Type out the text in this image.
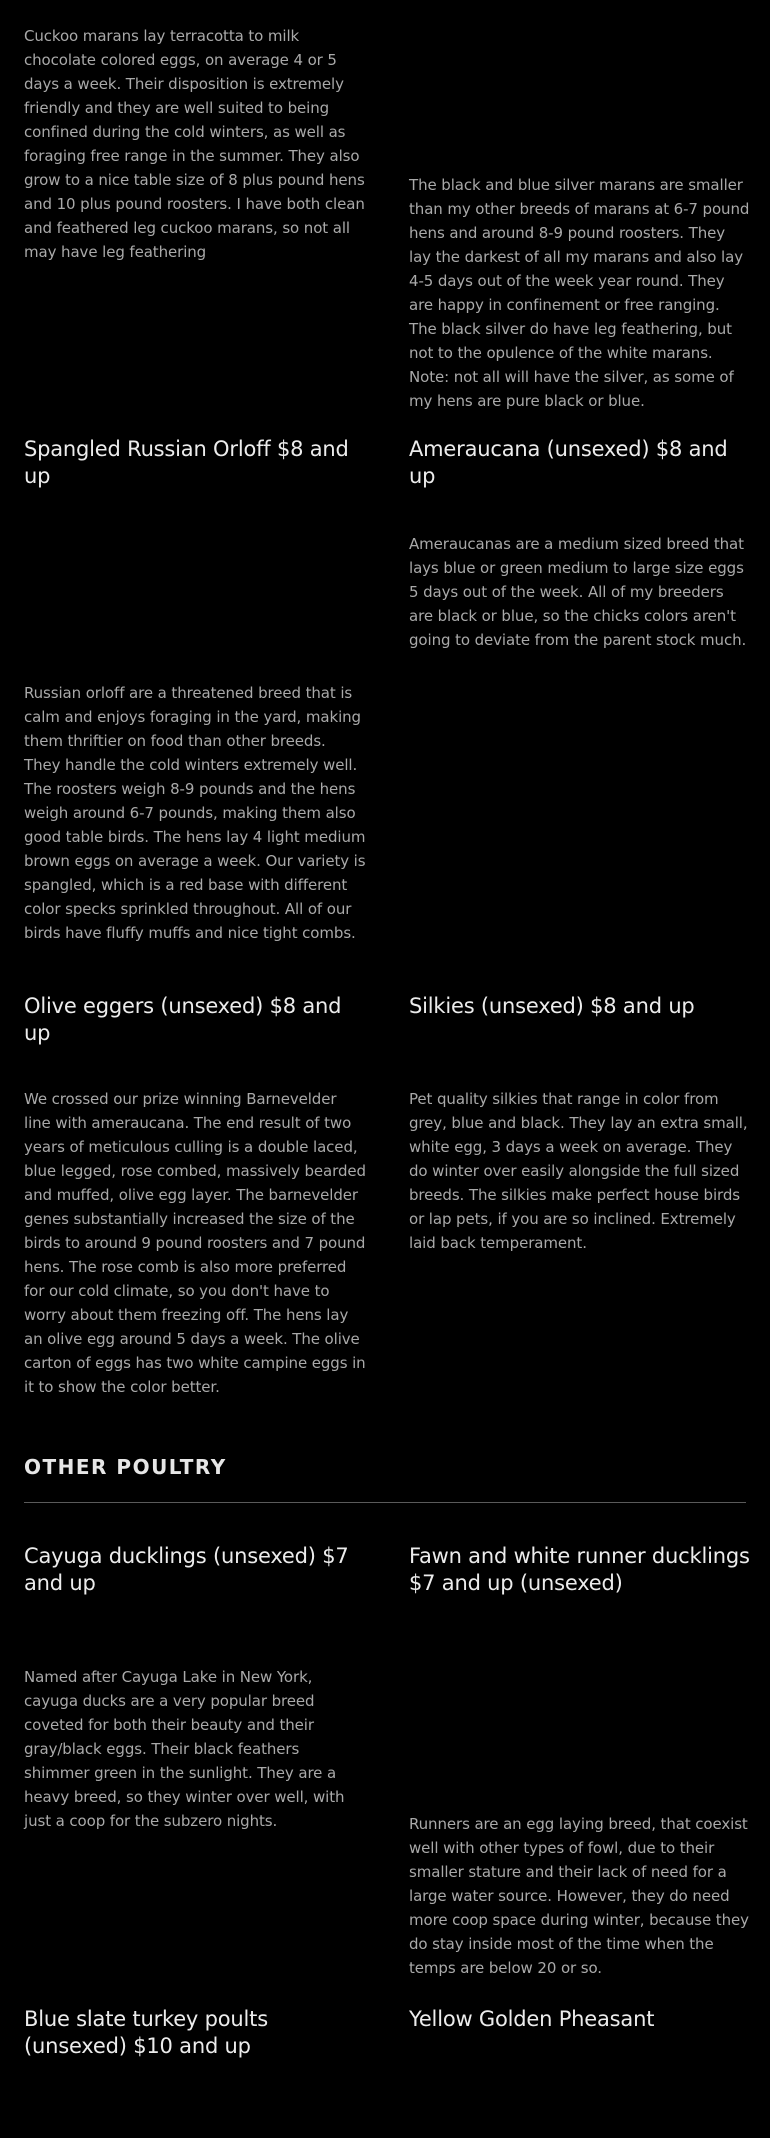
Cuckoo marans lay terracotta to milk chocolate colored eggs, on average 4 or 5 days a week. Their disposition is extremely friendly and they are well suited to being confined during the cold winters, as well as foraging free range in the summer. They also grow to a nice table size of 8 plus pound hens and 10 plus pound roosters. I have both clean and feathered leg cuckoo marans, so not all may have leg feathering

The black and blue silver marans are smaller than my other breeds of marans at 6-7 pound hens and around 8-9 pound roosters. They lay the darkest of all my marans and also lay 4-5 days out of the week year round. They are happy in confinement or free ranging. The black silver do have leg feathering, but not to the opulence of the white marans. Note: not all will have the silver, as some of my hens are pure black or blue.

Spangled Russian Orloff $8 and up

Russian orloff are a threatened breed that is calm and enjoys foraging in the yard, making them thriftier on food than other breeds. They handle the cold winters extremely well. The roosters weigh 8-9 pounds and the hens weigh around 6-7 pounds, making them also good table birds. The hens lay 4 light medium brown eggs on average a week. Our variety is spangled, which is a red base with different color specks sprinkled throughout. All of our birds have fluffy muffs and nice tight combs.

Ameraucana (unsexed) $8 and up

Ameraucanas are a medium sized breed that lays blue or green medium to large size eggs 5 days out of the week. All of my breeders are black or blue, so the chicks colors aren't going to deviate from the parent stock much.

Olive eggers (unsexed) $8 and up

We crossed our prize winning Barnevelder line with ameraucana. The end result of two years of meticulous culling is a double laced, blue legged, rose combed, massively bearded and muffed, olive egg layer. The barnevelder genes substantially increased the size of the birds to around 9 pound roosters and 7 pound hens. The rose comb is also more preferred for our cold climate, so you don't have to worry about them freezing off. The hens lay an olive egg around 5 days a week. The olive carton of eggs has two white campine eggs in it to show the color better.

Silkies (unsexed) $8 and up

Pet quality silkies that range in color from grey, blue and black. They lay an extra small, white egg, 3 days a week on average. They do winter over easily alongside the full sized breeds. The silkies make perfect house birds or lap pets, if you are so inclined. Extremely laid back temperament.

OTHER POULTRY
Cayuga ducklings (unsexed) $7 and up

Named after Cayuga Lake in New York, cayuga ducks are a very popular breed coveted for both their beauty and their gray/black eggs. Their black feathers shimmer green in the sunlight. They are a heavy breed, so they winter over well, with just a coop for the subzero nights.

Fawn and white runner ducklings $7 and up (unsexed)

Runners are an egg laying breed, that coexist well with other types of fowl, due to their smaller stature and their lack of need for a large water source. However, they do need more coop space during winter, because they do stay inside most of the time when the temps are below 20 or so.

Blue slate turkey poults (unsexed) $10 and up
Yellow Golden Pheasant
